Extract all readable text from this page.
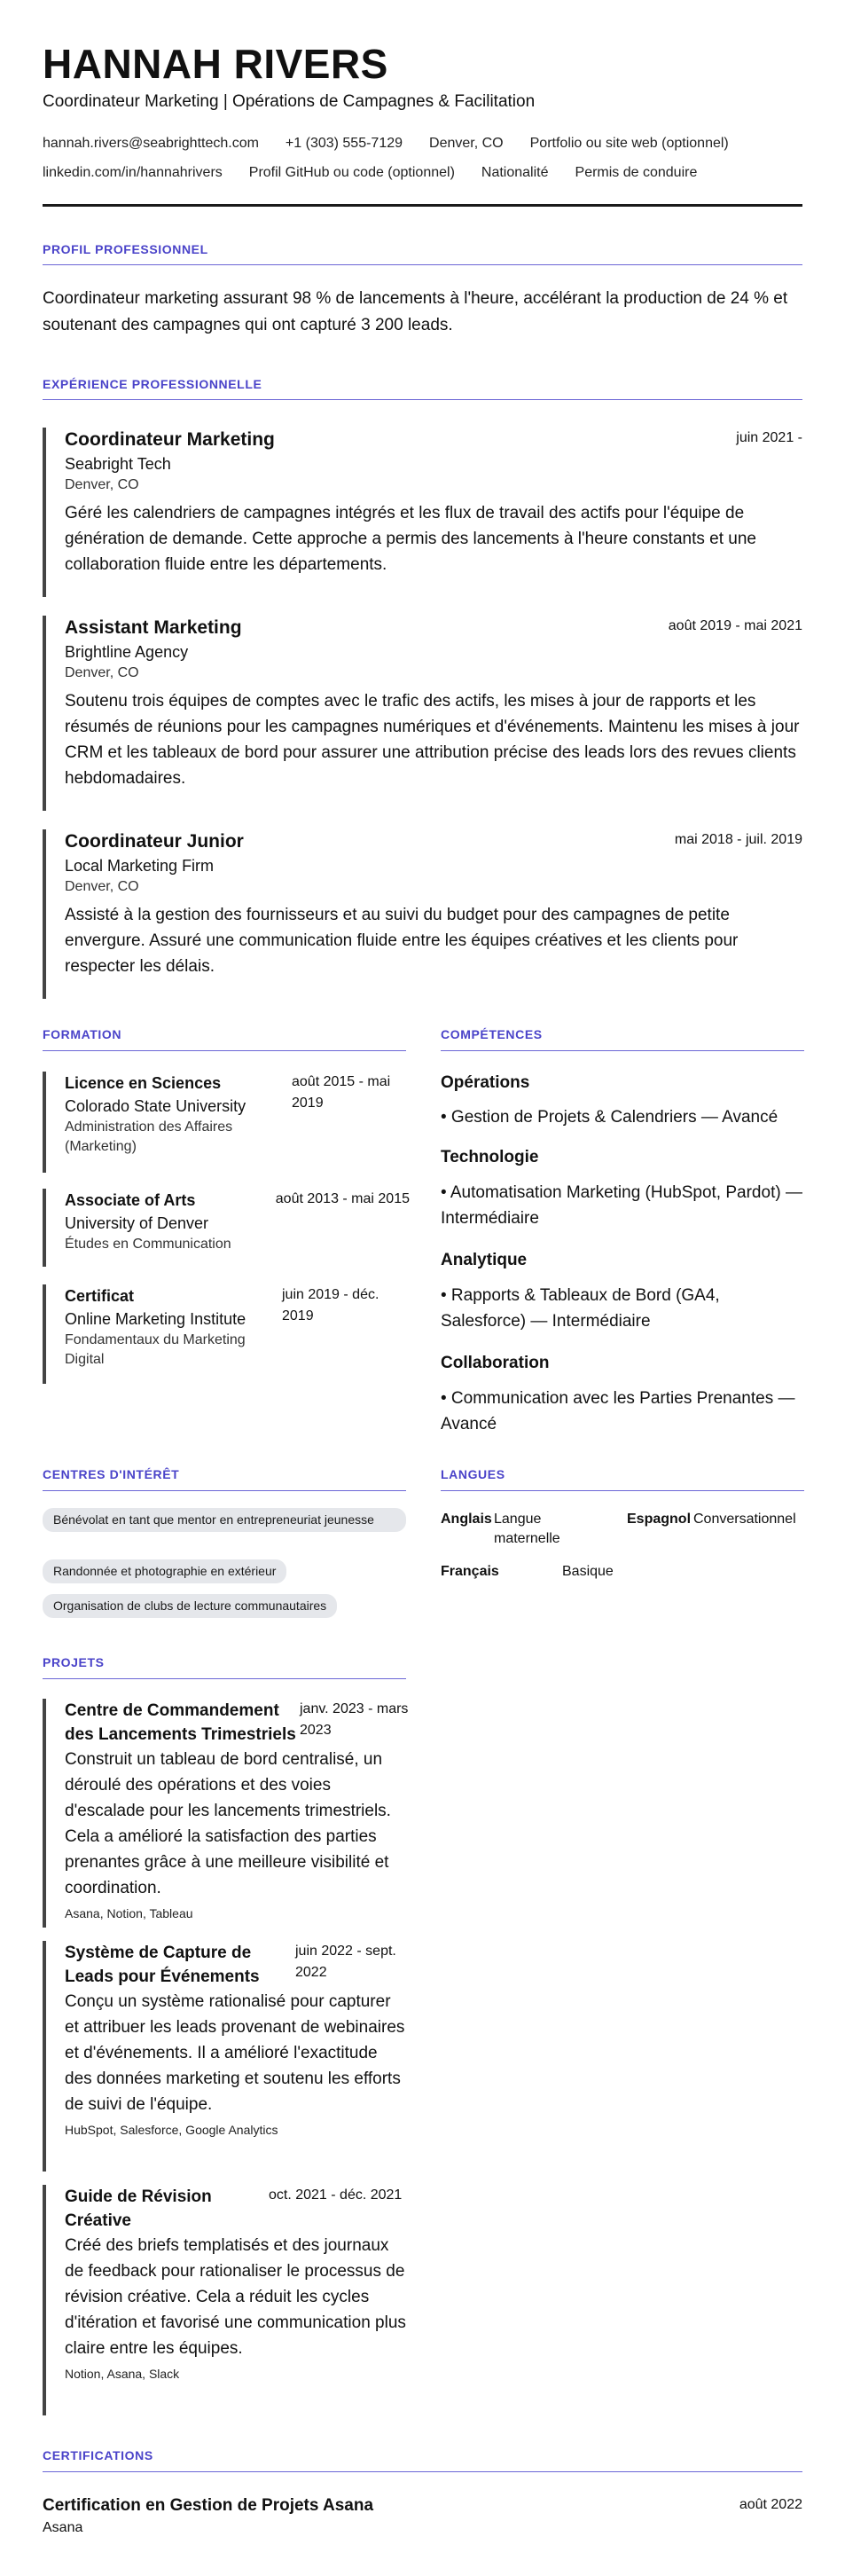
HANNAH RIVERS
Coordinateur Marketing | Opérations de Campagnes & Facilitation
hannah.rivers@seabrighttech.com +1 (303) 555-7129 Denver, CO Portfolio ou site web (optionnel)
linkedin.com/in/hannahrivers Profil GitHub ou code (optionnel) Nationalité Permis de conduire
PROFIL PROFESSIONNEL
Coordinateur marketing assurant 98 % de lancements à l'heure, accélérant la production de 24 % et soutenant des campagnes qui ont capturé 3 200 leads.
EXPÉRIENCE PROFESSIONNELLE
Coordinateur Marketing	juin 2021 -
Seabright Tech
Denver, CO
Géré les calendriers de campagnes intégrés et les flux de travail des actifs pour l'équipe de génération de demande. Cette approche a permis des lancements à l'heure constants et une collaboration fluide entre les départements.
Assistant Marketing	août 2019 - mai 2021
Brightline Agency
Denver, CO
Soutenu trois équipes de comptes avec le trafic des actifs, les mises à jour de rapports et les résumés de réunions pour les campagnes numériques et d'événements. Maintenu les mises à jour CRM et les tableaux de bord pour assurer une attribution précise des leads lors des revues clients hebdomadaires.
Coordinateur Junior	mai 2018 - juil. 2019
Local Marketing Firm
Denver, CO
Assisté à la gestion des fournisseurs et au suivi du budget pour des campagnes de petite envergure. Assuré une communication fluide entre les équipes créatives et les clients pour respecter les délais.
FORMATION
Licence en Sciences	août 2015 - mai 2019
Colorado State University
Administration des Affaires (Marketing)
Associate of Arts	août 2013 - mai 2015
University of Denver
Études en Communication
Certificat	juin 2019 - déc. 2019
Online Marketing Institute
Fondamentaux du Marketing Digital
COMPÉTENCES
Opérations
• Gestion de Projets & Calendriers — Avancé
Technologie
• Automatisation Marketing (HubSpot, Pardot) — Intermédiaire
Analytique
• Rapports & Tableaux de Bord (GA4, Salesforce) — Intermédiaire
Collaboration
• Communication avec les Parties Prenantes — Avancé
CENTRES D'INTÉRÊT
Bénévolat en tant que mentor en entrepreneuriat jeunesse
Randonnée et photographie en extérieur
Organisation de clubs de lecture communautaires
LANGUES
Anglais Langue maternelle
Espagnol Conversationnel
Français	Basique
PROJETS
Centre de Commandement des Lancements Trimestriels
janv. 2023 - mars 2023
Construit un tableau de bord centralisé, un déroulé des opérations et des voies d'escalade pour les lancements trimestriels. Cela a amélioré la satisfaction des parties prenantes grâce à une meilleure visibilité et coordination.
Asana, Notion, Tableau
Système de Capture de Leads pour Événements
juin 2022 - sept. 2022
Conçu un système rationalisé pour capturer et attribuer les leads provenant de webinaires et d'événements. Il a amélioré l'exactitude des données marketing et soutenu les efforts de suivi de l'équipe.
HubSpot, Salesforce, Google Analytics
Guide de Révision Créative
oct. 2021 - déc. 2021
Créé des briefs templatisés et des journaux de feedback pour rationaliser le processus de révision créative. Cela a réduit les cycles d'itération et favorisé une communication plus claire entre les équipes.
Notion, Asana, Slack
CERTIFICATIONS
Certification en Gestion de Projets Asana	août 2022
Asana
